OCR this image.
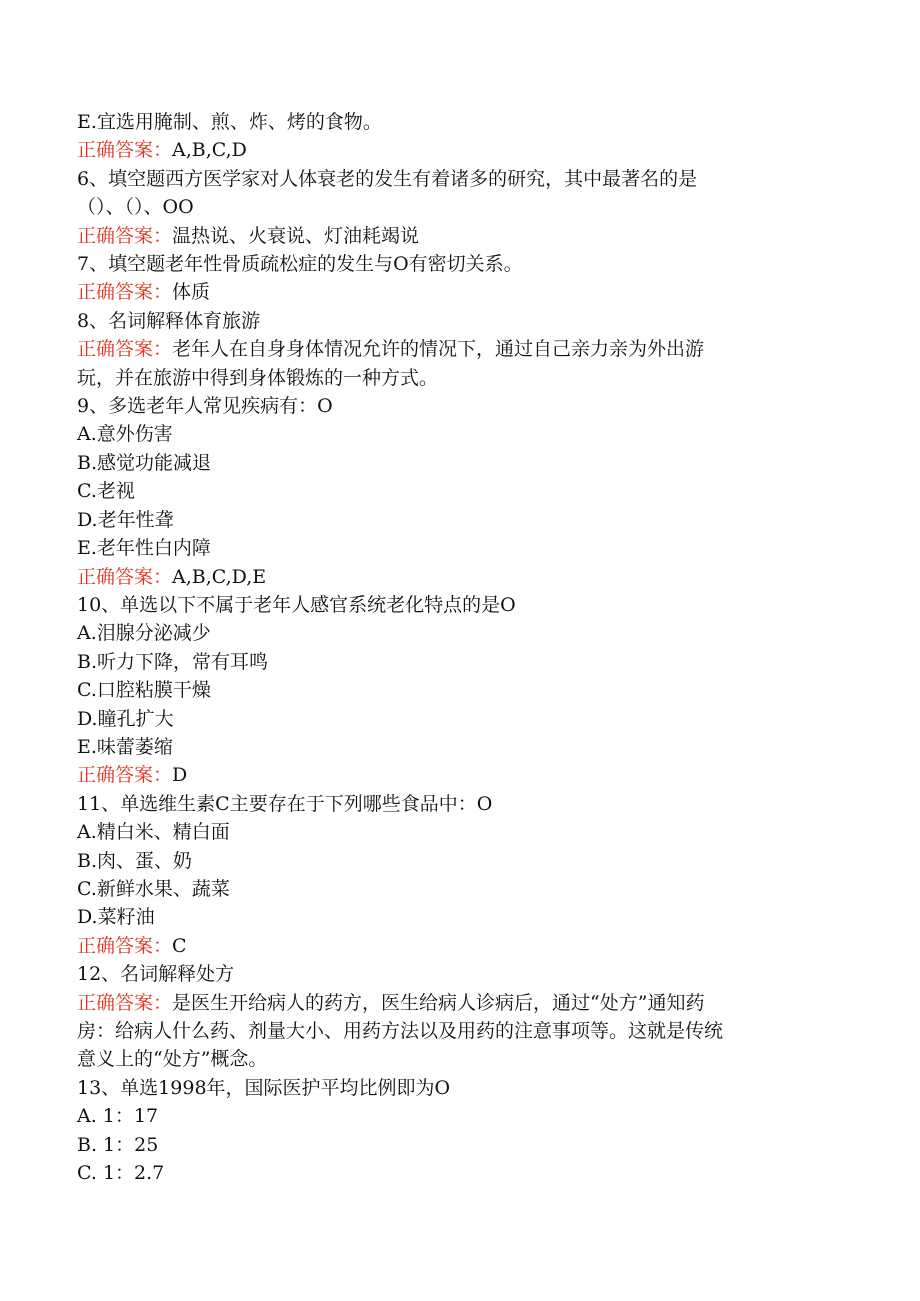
E.宜选用腌制、煎、炸、烤的食物。

正确答案：A,B,C,D

6、填空题西方医学家对人体衰老的发生有着诸多的研究，其中最著名的是

（）、（）、OO

正确答案：温热说、火衰说、灯油耗竭说

7、填空题老年性骨质疏松症的发生与O有密切关系。

正确答案：体质

8、名词解释体育旅游

正确答案：老年人在自身身体情况允许的情况下，通过自己亲力亲为外出游

玩，并在旅游中得到身体锻炼的一种方式。

9、多选老年人常见疾病有：O

A.意外伤害

B.感觉功能减退

C.老视

D.老年性聋

E.老年性白内障

正确答案：A,B,C,D,E

10、单选以下不属于老年人感官系统老化特点的是O

A.泪腺分泌减少

B.听力下降，常有耳鸣

C.口腔粘膜干燥

D.瞳孔扩大

E.味蕾萎缩

正确答案：D

11、单选维生素C主要存在于下列哪些食品中：O

A.精白米、精白面

B.肉、蛋、奶

C.新鲜水果、蔬菜

D.菜籽油

正确答案：C

12、名词解释处方

正确答案：是医生开给病人的药方，医生给病人诊病后，通过“处方”通知药

房：给病人什么药、剂量大小、用药方法以及用药的注意事项等。这就是传统

意义上的“处方”概念。

13、单选1998年，国际医护平均比例即为O

A. 1：17

B. 1：25

C. 1：2.7
